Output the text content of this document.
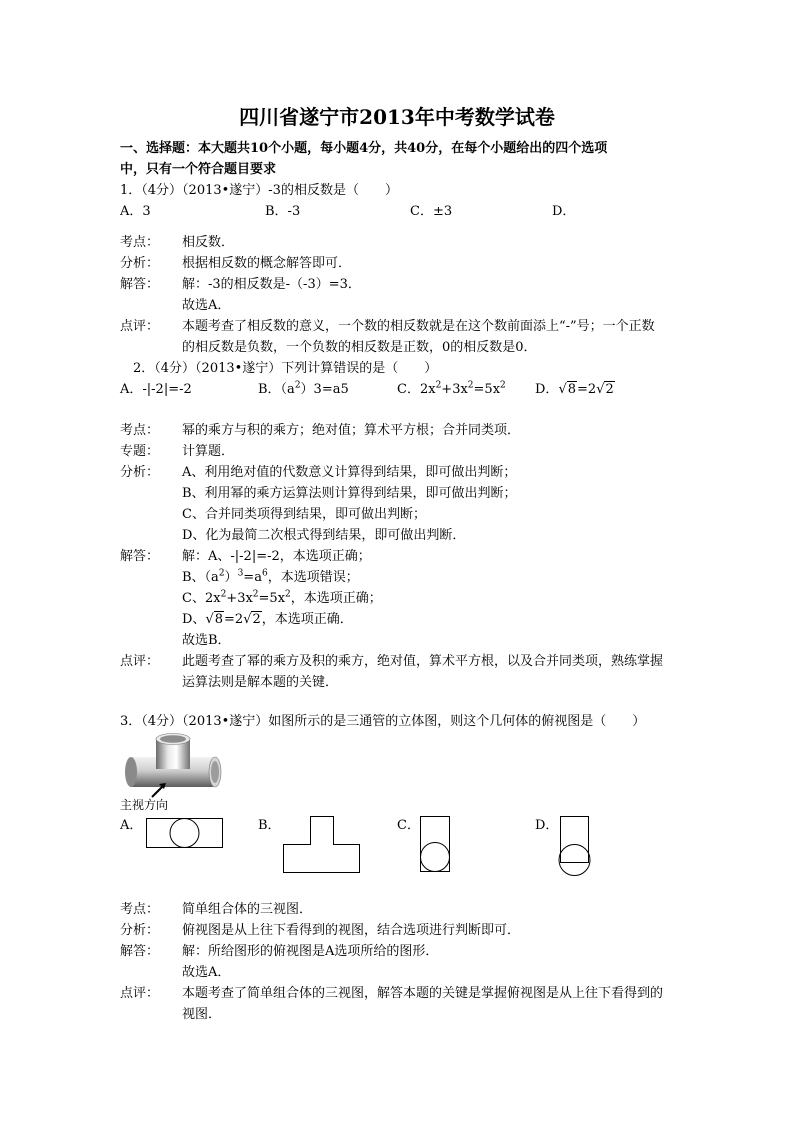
四川省遂宁市2013年中考数学试卷
一、选择题：本大题共10个小题，每小题4分，共40分，在每个小题给出的四个选项
中，只有一个符合题目要求
1．（4分）（2013•遂宁）-3的相反数是（　　）
A．3	B．-3	C．±3	D．
考点：	相反数．
分析：	根据相反数的概念解答即可．
解答：	解：-3的相反数是-（-3）=3．
故选A．
点评：	本题考查了相反数的意义，一个数的相反数就是在这个数前面添上“-”号；一个正数
的相反数是负数，一个负数的相反数是正数，0的相反数是0．
2．（4分）（2013•遂宁）下列计算错误的是（　　）
A．-|-2|=-2	B．$(a^2)3=a5$	C．$2x^2+3x^2=5x^2$ D．√8=2√2
考点：	幂的乘方与积的乘方；绝对值；算术平方根；合并同类项．
专题：	计算题．
分析：	A、利用绝对值的代数意义计算得到结果，即可做出判断；
B、利用幂的乘方运算法则计算得到结果，即可做出判断；
C、合并同类项得到结果，即可做出判断；
D、化为最简二次根式得到结果，即可做出判断．
解答：	解：A、-|-2|=-2，本选项正确；
B、$(a^2)^3=a^6$，本选项错误；
C、$2x^2+3x^2=5x^2$，本选项正确；
D、√8=2√2，本选项正确．
故选B．
点评：	此题考查了幂的乘方及积的乘方，绝对值，算术平方根，以及合并同类项，熟练掌握
运算法则是解本题的关键．
3．（4分）（2013•遂宁）如图所示的是三通管的立体图，则这个几何体的俯视图是（　　）
主视方向
A．	B．	C．	D．
考点：	简单组合体的三视图．
分析：	俯视图是从上往下看得到的视图，结合选项进行判断即可．
解答：	解：所给图形的俯视图是A选项所给的图形．
故选A．
点评：	本题考查了简单组合体的三视图，解答本题的关键是掌握俯视图是从上往下看得到的
视图．
